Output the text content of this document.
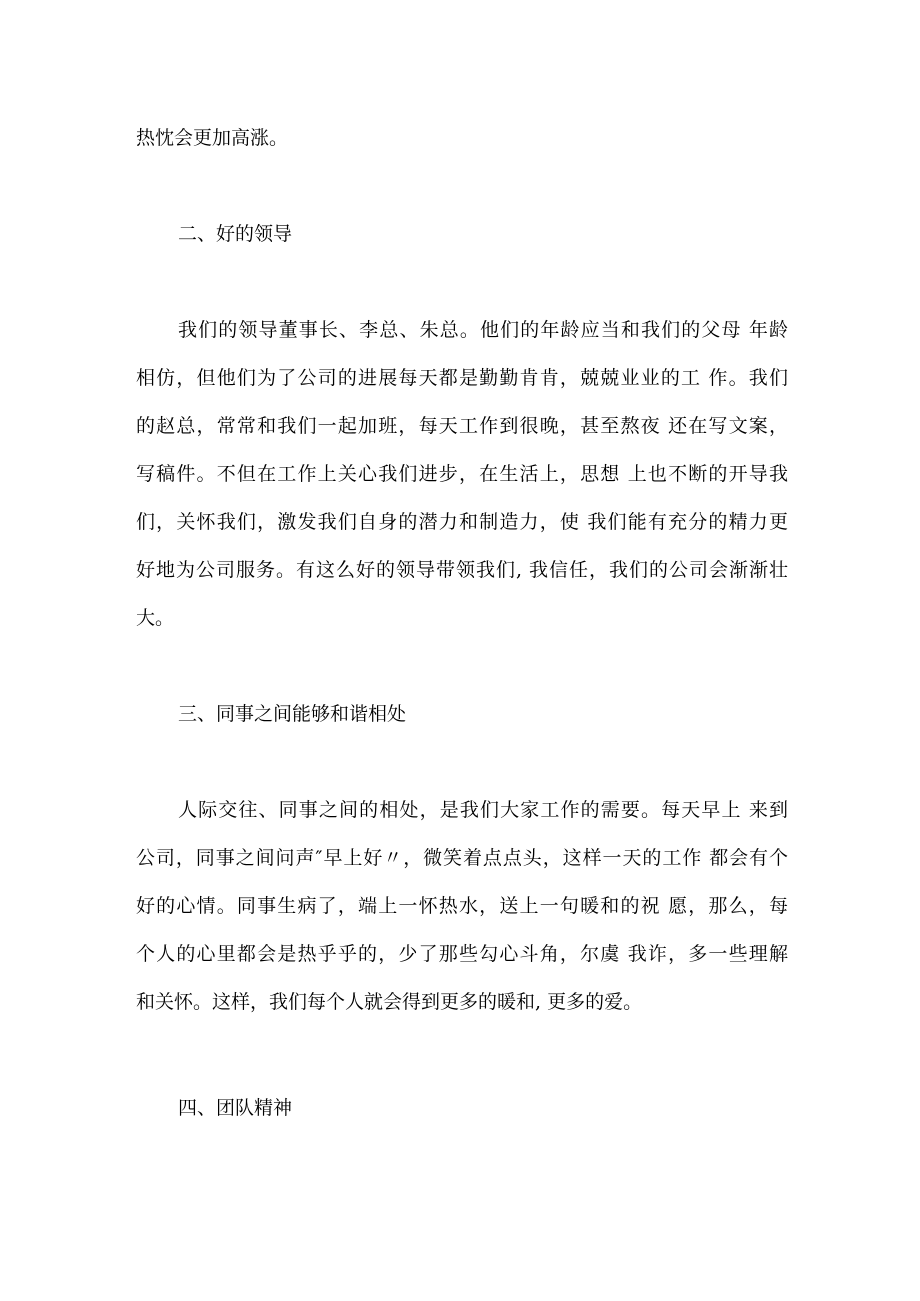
热忱会更加高涨。
二、好的领导
我们的领导董事长、李总、朱总。他们的年龄应当和我们的父母 年龄
相仿，但他们为了公司的进展每天都是勤勤肯肯，兢兢业业的工 作。我们
的赵总，常常和我们一起加班，每天工作到很晚，甚至熬夜 还在写文案，
写稿件。不但在工作上关心我们进步，在生活上，思想 上也不断的开导我
们，关怀我们，激发我们自身的潜力和制造力，使 我们能有充分的精力更
好地为公司服务。有这么好的领导带领我们, 我信任，我们的公司会渐渐壮
大。
三、同事之间能够和谐相处
人际交往、同事之间的相处，是我们大家工作的需要。每天早上 来到
公司，同事之间问声″早上好〃，微笑着点点头，这样一天的工作 都会有个
好的心情。同事生病了，端上一怀热水，送上一句暖和的祝 愿，那么，每
个人的心里都会是热乎乎的，少了那些勾心斗角，尔虞 我诈，多一些理解
和关怀。这样，我们每个人就会得到更多的暖和, 更多的爱。
四、团队精神
